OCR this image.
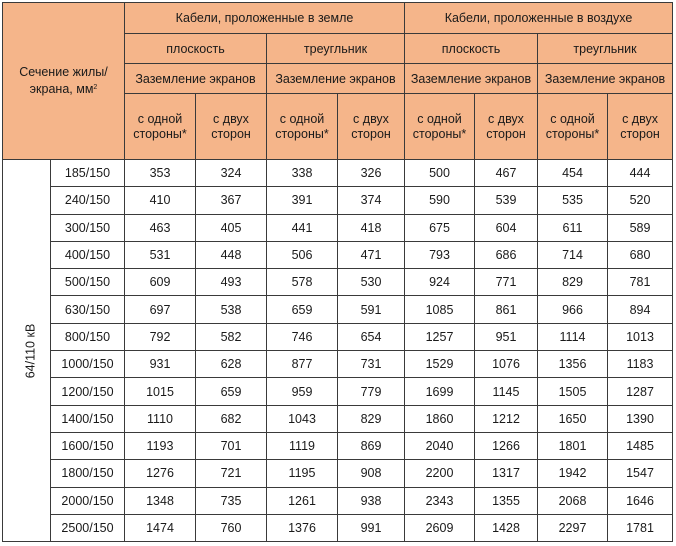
Сечение жилы/экрана, $мм^2$		Кабели, проложенные в земле				Кабели, проложенные в воздухе			
		плоскость		треугльник		плоскость		треугльник	
		Заземление экранов		Заземление экранов		Заземление экранов		Заземление экранов	
		с одной стороны*	с двух сторон	с одной стороны*	с двух сторон	с одной стороны*	с двух сторон	с одной стороны*	с двух сторон
64/110 кВ	185/150	353	324	338	326	500	467	454	444
	240/150	410	367	391	374	590	539	535	520
	300/150	463	405	441	418	675	604	611	589
	400/150	531	448	506	471	793	686	714	680
	500/150	609	493	578	530	924	771	829	781
	630/150	697	538	659	591	1085	861	966	894
	800/150	792	582	746	654	1257	951	1114	1013
	1000/150	931	628	877	731	1529	1076	1356	1183
	1200/150	1015	659	959	779	1699	1145	1505	1287
	1400/150	1110	682	1043	829	1860	1212	1650	1390
	1600/150	1193	701	1119	869	2040	1266	1801	1485
	1800/150	1276	721	1195	908	2200	1317	1942	1547
	2000/150	1348	735	1261	938	2343	1355	2068	1646
	2500/150	1474	760	1376	991	2609	1428	2297	1781
